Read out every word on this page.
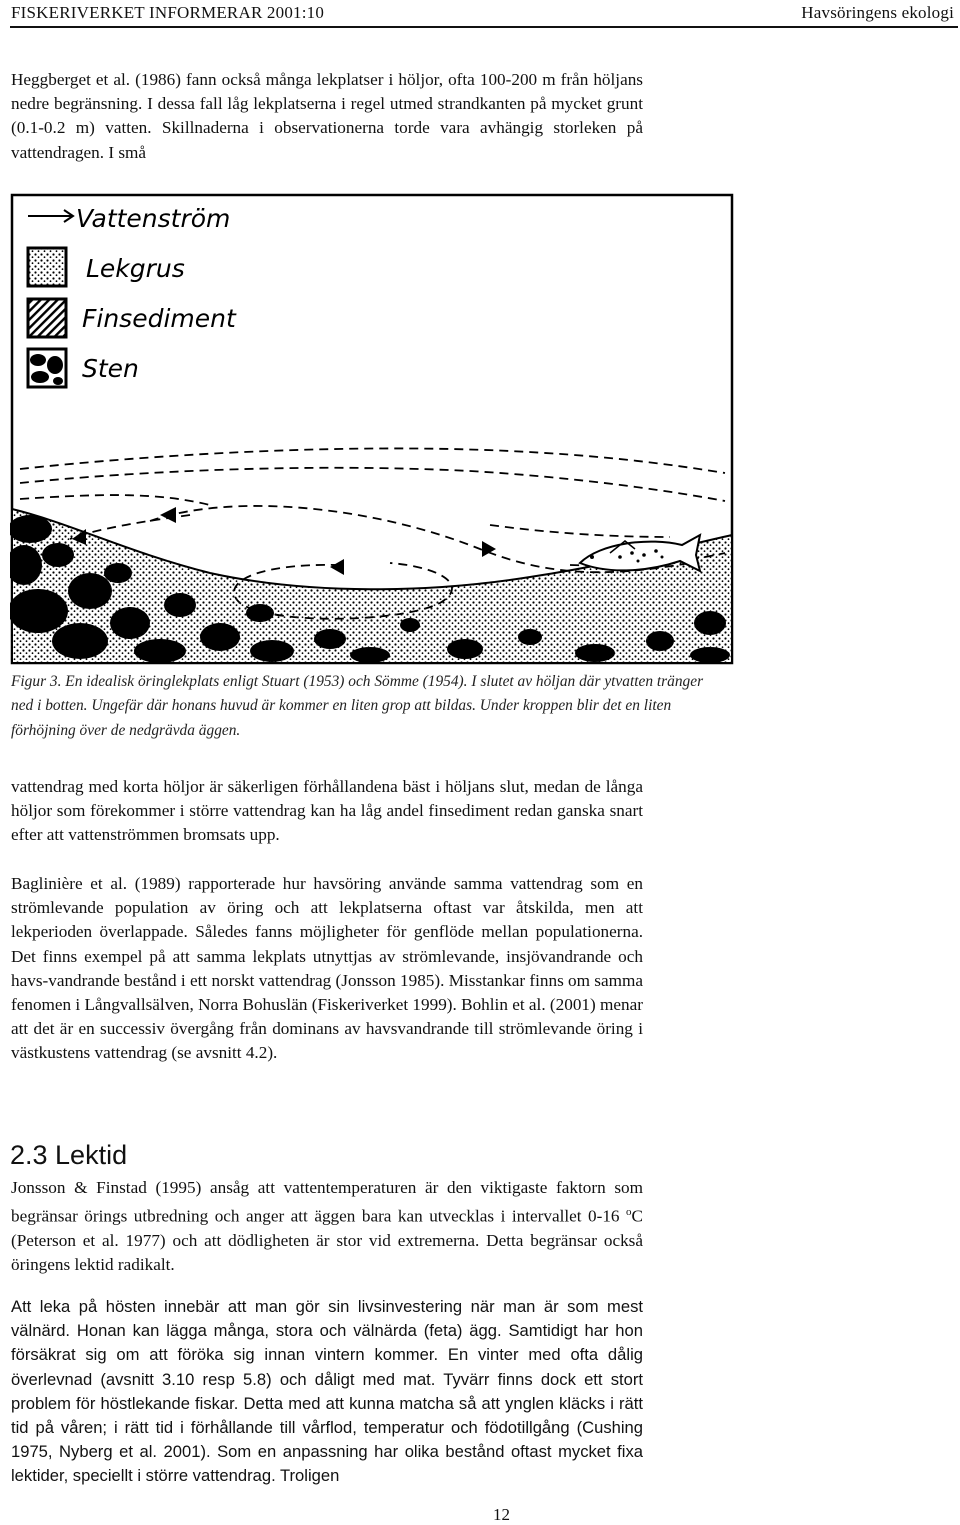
FISKERIVERKET INFORMERAR 2001:10	Havsöringens ekologi

Heggberget et al. (1986) fann också många lekplatser i höljor, ofta 100-200 m från höljans nedre begränsning. I dessa fall låg lekplatserna i regel utmed strandkanten på mycket grunt (0.1-0.2 m) vatten. Skillnaderna i observationerna torde vara avhängig storleken på vattendragen. I små

Vattenström
Lekgrus
Finsediment
Sten

Figur 3. En idealisk öringlekplats enligt Stuart (1953) och Sömme (1954). I slutet av höljan där ytvatten tränger ned i botten. Ungefär där honans huvud är kommer en liten grop att bildas. Under kroppen blir det en liten förhöjning över de nedgrävda äggen.

vattendrag med korta höljor är säkerligen förhållandena bäst i höljans slut, medan de långa höljor som förekommer i större vattendrag kan ha låg andel finsediment redan ganska snart efter att vattenströmmen bromsats upp.

Baglinière et al. (1989) rapporterade hur havsöring använde samma vattendrag som en strömlevande population av öring och att lekplatserna oftast var åtskilda, men att lekperioden överlappade. Således fanns möjligheter för genflöde mellan populationerna. Det finns exempel på att samma lekplats utnyttjas av strömlevande, insjövandrande och havs-vandrande bestånd i ett norskt vattendrag (Jonsson 1985). Misstankar finns om samma fenomen i Långvallsälven, Norra Bohuslän (Fiskeriverket 1999). Bohlin et al. (2001) menar att det är en successiv övergång från dominans av havsvandrande till strömlevande öring i västkustens vattendrag (se avsnitt 4.2).

2.3 Lektid

Jonsson & Finstad (1995) ansåg att vattentemperaturen är den viktigaste faktorn som begränsar örings utbredning och anger att äggen bara kan utvecklas i intervallet 0-16 $^o$C (Peterson et al. 1977) och att dödligheten är stor vid extremerna. Detta begränsar också öringens lektid radikalt.

Att leka på hösten innebär att man gör sin livsinvestering när man är som mest välnärd. Honan kan lägga många, stora och välnärda (feta) ägg. Samtidigt har hon försäkrat sig om att föröka sig innan vintern kommer. En vinter med ofta dålig överlevnad (avsnitt 3.10 resp 5.8) och dåligt med mat. Tyvärr finns dock ett stort problem för höstlekande fiskar. Detta med att kunna matcha så att ynglen kläcks i rätt tid på våren; i rätt tid i förhållande till vårflod, temperatur och födotillgång (Cushing 1975, Nyberg et al. 2001). Som en anpassning har olika bestånd oftast mycket fixa lektider, speciellt i större vattendrag. Troligen

12
